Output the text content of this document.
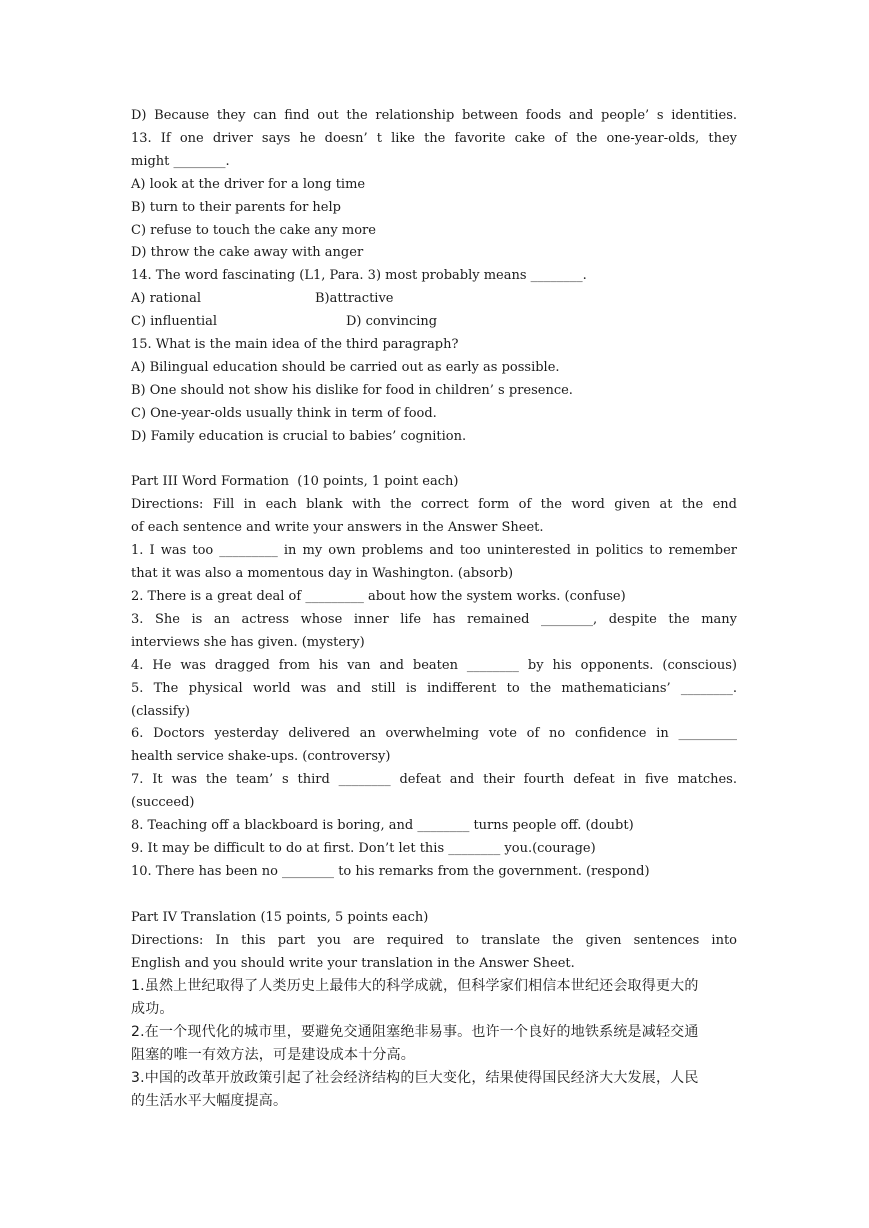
D) Because they can find out the relationship between foods and people’ s identities.
13. If one driver says he doesn’ t like the favorite cake of the one-year-olds, they
might ________.
A) look at the driver for a long time
B) turn to their parents for help
C) refuse to touch the cake any more
D) throw the cake away with anger
14. The word fascinating (L1, Para. 3) most probably means ________.
A) rational	B)attractive
C) influential	D) convincing
15. What is the main idea of the third paragraph?
A) Bilingual education should be carried out as early as possible.
B) One should not show his dislike for food in children’ s presence.
C) One-year-olds usually think in term of food.
D) Family education is crucial to babies’ cognition.
Part III Word Formation  (10 points, 1 point each)
Directions: Fill in each blank with the correct form of the word given at the end
of each sentence and write your answers in the Answer Sheet.
1. I was too _________ in my own problems and too uninterested in politics to remember
that it was also a momentous day in Washington. (absorb)
2. There is a great deal of _________ about how the system works. (confuse)
3. She is an actress whose inner life has remained ________, despite the many
interviews she has given. (mystery)
4. He was dragged from his van and beaten ________ by his opponents. (conscious)
5. The physical world was and still is indifferent to the mathematicians’ ________.
(classify)
6. Doctors yesterday delivered an overwhelming vote of no confidence in _________
health service shake-ups. (controversy)
7. It was the team’ s third ________ defeat and their fourth defeat in five matches.
(succeed)
8. Teaching off a blackboard is boring, and ________ turns people off. (doubt)
9. It may be difficult to do at first. Don’t let this ________ you.(courage)
10. There has been no ________ to his remarks from the government. (respond)
Part IV Translation (15 points, 5 points each)
Directions: In this part you are required to translate the given sentences into
English and you should write your translation in the Answer Sheet.
1.虽然上世纪取得了人类历史上最伟大的科学成就，但科学家们相信本世纪还会取得更大的
成功。
2.在一个现代化的城市里，要避免交通阻塞绝非易事。也许一个良好的地铁系统是减轻交通
阻塞的唯一有效方法，可是建设成本十分高。
3.中国的改革开放政策引起了社会经济结构的巨大变化，结果使得国民经济大大发展，人民
的生活水平大幅度提高。
